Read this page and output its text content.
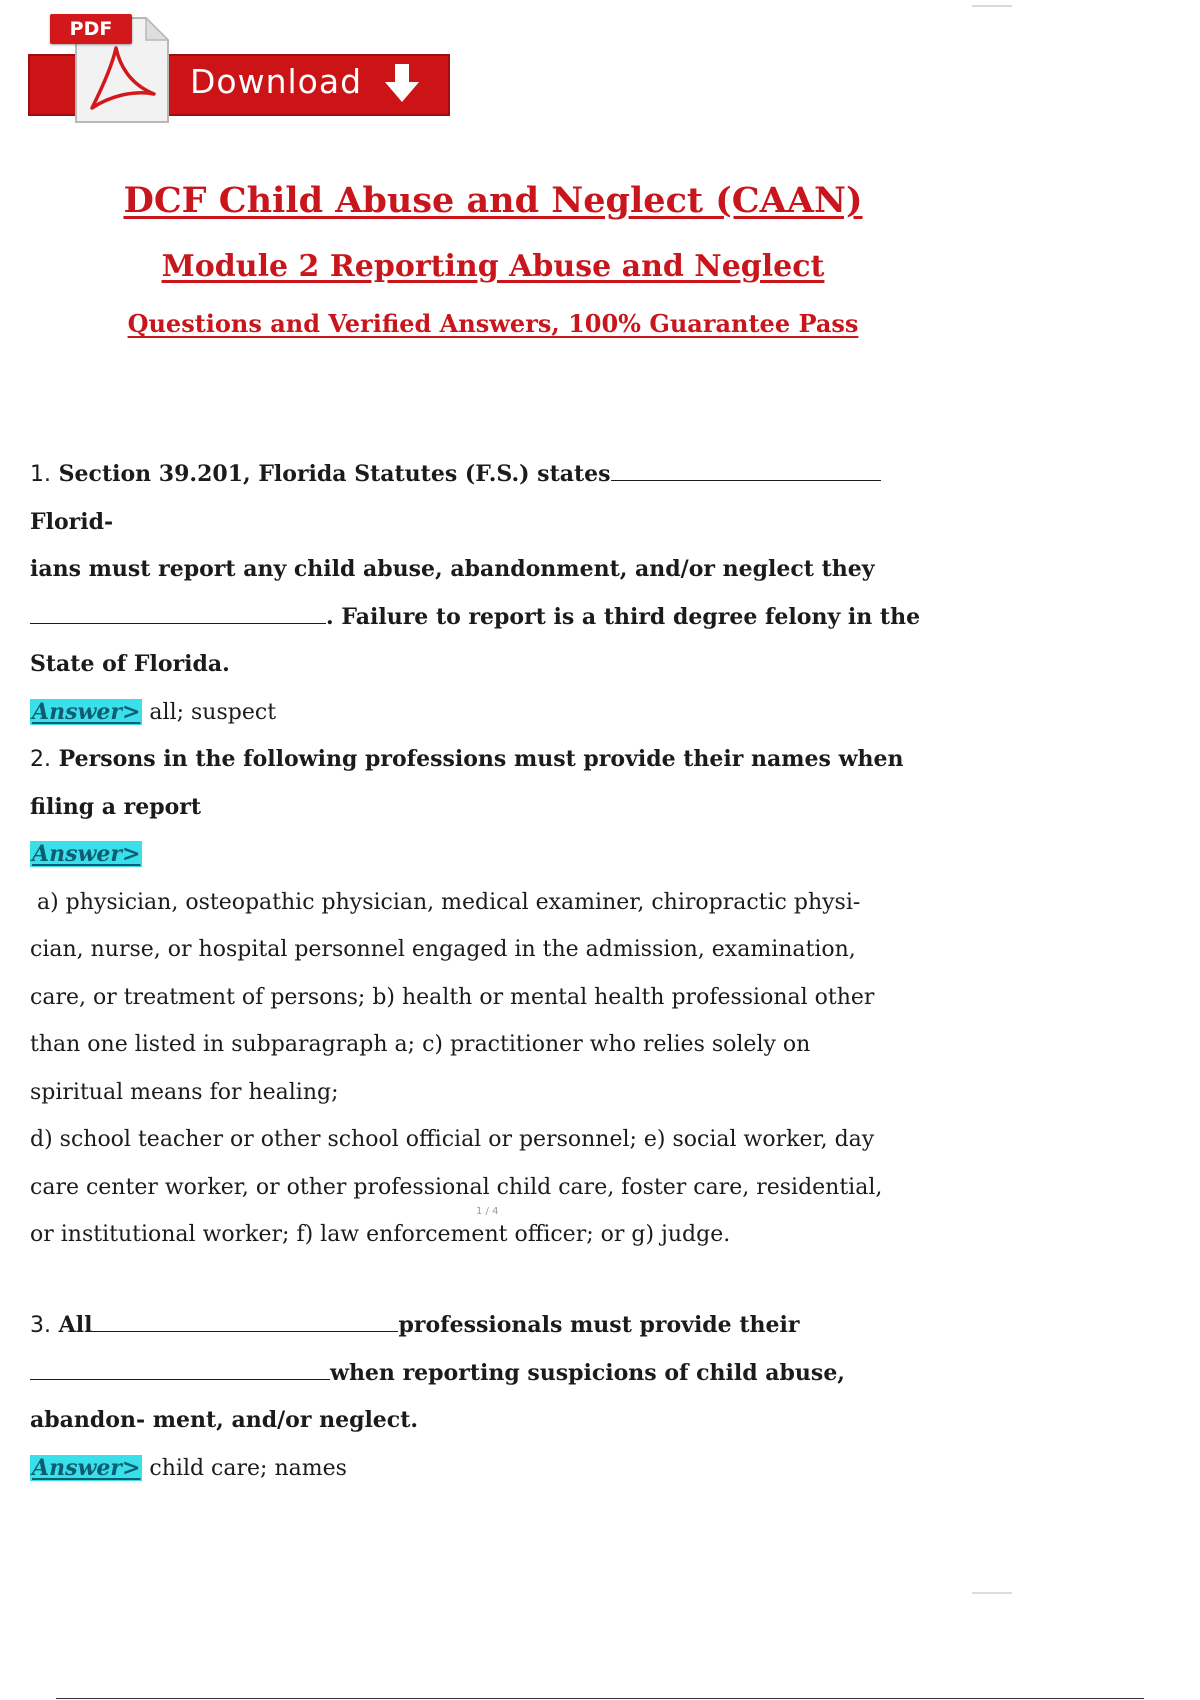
PDF
Download
DCF Child Abuse and Neglect (CAAN)
Module 2 Reporting Abuse and Neglect
Questions and Verified Answers, 100% Guarantee Pass
1. Section 39.201, Florida Statutes (F.S.) statesFlorid-
ians must report any child abuse, abandonment, and/or neglect they
. Failure to report is a third degree felony in the
State of Florida.
Answer> all; suspect
2. Persons in the following professions must provide their names when
filing a report
Answer>
a) physician, osteopathic physician, medical examiner, chiropractic physi-
cian, nurse, or hospital personnel engaged in the admission, examination,
care, or treatment of persons; b) health or mental health professional other
than one listed in subparagraph a; c) practitioner who relies solely on
spiritual means for healing;
d) school teacher or other school official or personnel; e) social worker, day
care center worker, or other professional child care, foster care, residential,
or institutional worker; f) law enforcement officer; or g) judge.
1 / 4
3. All	professionals must provide their
when reporting suspicions of child abuse,
abandon- ment, and/or neglect.
Answer> child care; names
